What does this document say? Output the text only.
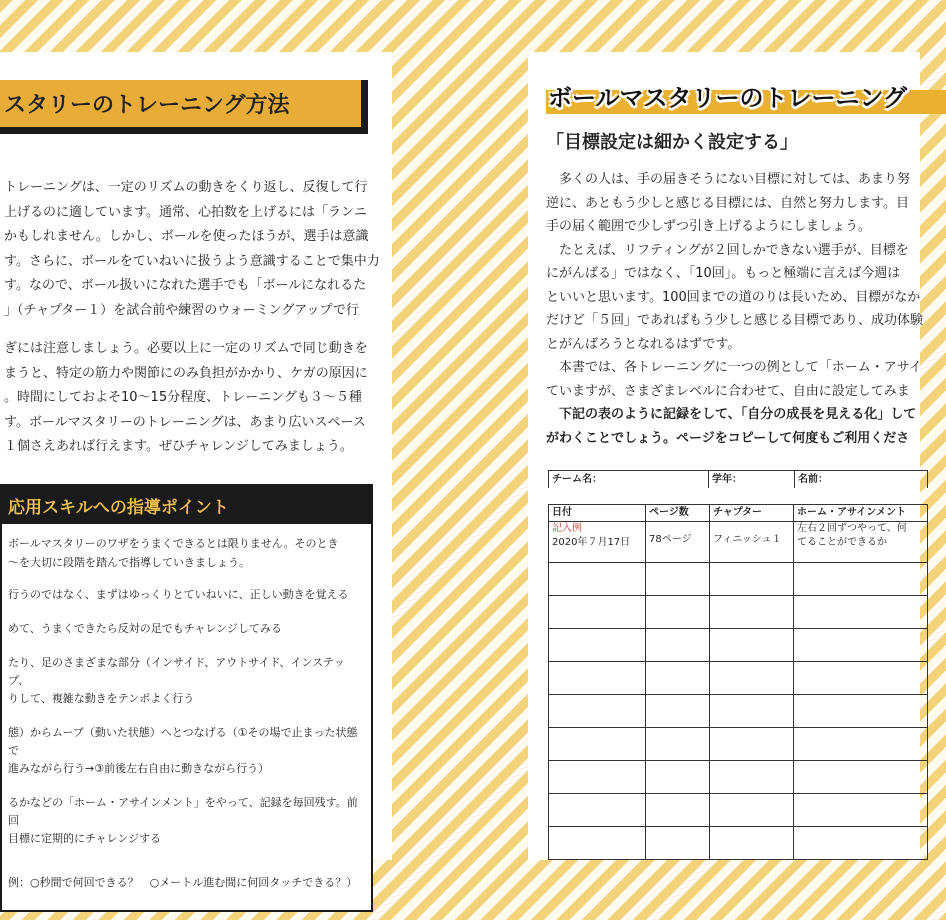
スタリーのトレーニング方法

トレーニングは、一定のリズムの動きをくり返し、反復して行
上げるのに適しています。通常、心拍数を上げるには「ランニ
かもしれません。しかし、ボールを使ったほうが、選手は意識
す。さらに、ボールをていねいに扱うよう意識することで集中力
す。なので、ボール扱いになれた選手でも「ボールになれるた
」（チャプター１）を試合前や練習のウォーミングアップで行

ぎには注意しましょう。必要以上に一定のリズムで同じ動きを
まうと、特定の筋力や関節にのみ負担がかかり、ケガの原因に
。時間にしておよそ10〜15分程度、トレーニングも３〜５種
す。ボールマスタリーのトレーニングは、あまり広いスペース
１個さえあれば行えます。ぜひチャレンジしてみましょう。

応用スキルへの指導ポイント

ボールマスタリーのワザをうまくできるとは限りません。そのとき
〜を大切に段階を踏んで指導していきましょう。

行うのではなく、まずはゆっくりとていねいに、正しい動きを覚える

めて、うまくできたら反対の足でもチャレンジしてみる

たり、足のさまざまな部分（インサイド、アウトサイド、インステップ、
りして、複雑な動きをテンポよく行う

態）からムーブ（動いた状態）へとつなげる（①その場で止まった状態で
進みながら行う→③前後左右自由に動きながら行う）

るかなどの「ホーム・アサインメント」をやって、記録を毎回残す。前回
目標に定期的にチャレンジする

例：○秒間で何回できる？　○メートル進む間に何回タッチできる？）

ボールマスタリーのトレーニング
「目標設定は細かく設定する」

　多くの人は、手の届きそうにない目標に対しては、あまり努

逆に、あともう少しと感じる目標には、自然と努力します。目

手の届く範囲で少しずつ引き上げるようにしましょう。

　たとえば、リフティングが２回しかできない選手が、目標を

にがんばる」ではなく、「10回」。もっと極端に言えば今週は

といいと思います。100回までの道のりは長いため、目標がなか

だけど「５回」であればもう少しと感じる目標であり、成功体験

とがんばろうとなれるはずです。

　本書では、各トレーニングに一つの例として「ホーム・アサイ

ていますが、さまざまレベルに合わせて、自由に設定してみま

　下記の表のように記録をして、「自分の成長を見える化」して

がわくことでしょう。ページをコピーして何度もご利用くださ

チーム名：	学年：	名前：
日付	ページ数	チャプター	ホーム・アサインメント

記入例
2020年７月17日	78ページ	フィニッシュ１	左右２回ずつやって、何
てることができるか
